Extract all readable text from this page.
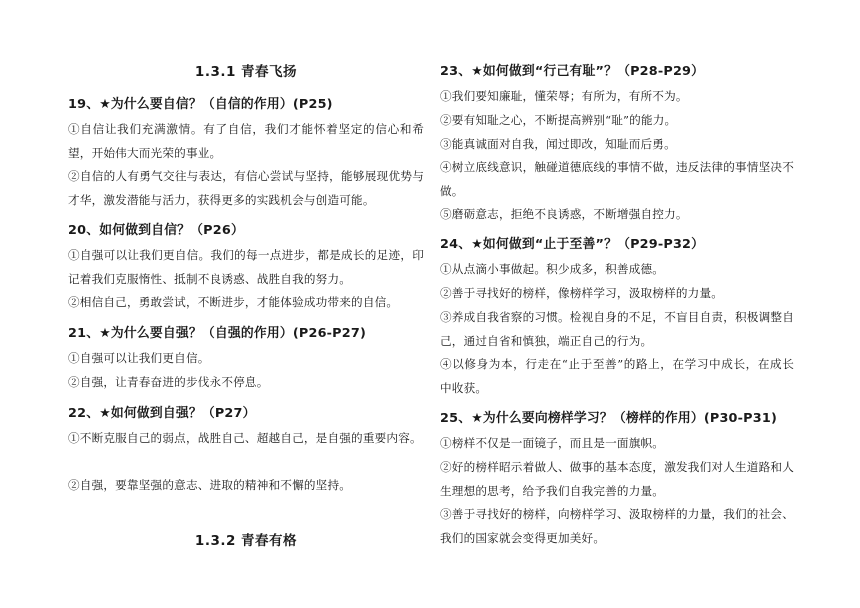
1.3.1 青春飞扬
19、★为什么要自信？（自信的作用）(P25)
①自信让我们充满激情。有了自信，我们才能怀着坚定的信心和希望，开始伟大而光荣的事业。
②自信的人有勇气交往与表达，有信心尝试与坚持，能够展现优势与才华，激发潜能与活力，获得更多的实践机会与创造可能。
20、如何做到自信？（P26）
①自强可以让我们更自信。我们的每一点进步，都是成长的足迹，印记着我们克服惰性、抵制不良诱惑、战胜自我的努力。
②相信自己，勇敢尝试，不断进步，才能体验成功带来的自信。
21、★为什么要自强？（自强的作用）(P26-P27)
①自强可以让我们更自信。
②自强，让青春奋进的步伐永不停息。
22、★如何做到自强？（P27）
①不断克服自己的弱点，战胜自己、超越自己，是自强的重要内容。
②自强，要靠坚强的意志、进取的精神和不懈的坚持。
1.3.2 青春有格
23、★如何做到“行己有耻”？（P28-P29）
①我们要知廉耻，懂荣辱；有所为，有所不为。
②要有知耻之心，不断提高辨别“耻”的能力。
③能真诚面对自我，闻过即改，知耻而后勇。
④树立底线意识，触碰道德底线的事情不做，违反法律的事情坚决不做。
⑤磨砺意志，拒绝不良诱惑，不断增强自控力。
24、★如何做到“止于至善”？（P29-P32）
①从点滴小事做起。积少成多，积善成德。
②善于寻找好的榜样，像榜样学习，汲取榜样的力量。
③养成自我省察的习惯。检视自身的不足，不盲目自责，积极调整自己，通过自省和慎独，端正自己的行为。
④以修身为本，行走在“止于至善”的路上，在学习中成长，在成长中收获。
25、★为什么要向榜样学习？（榜样的作用）(P30-P31)
①榜样不仅是一面镜子，而且是一面旗帜。
②好的榜样昭示着做人、做事的基本态度，激发我们对人生道路和人生理想的思考，给予我们自我完善的力量。
③善于寻找好的榜样，向榜样学习、汲取榜样的力量，我们的社会、我们的国家就会变得更加美好。
